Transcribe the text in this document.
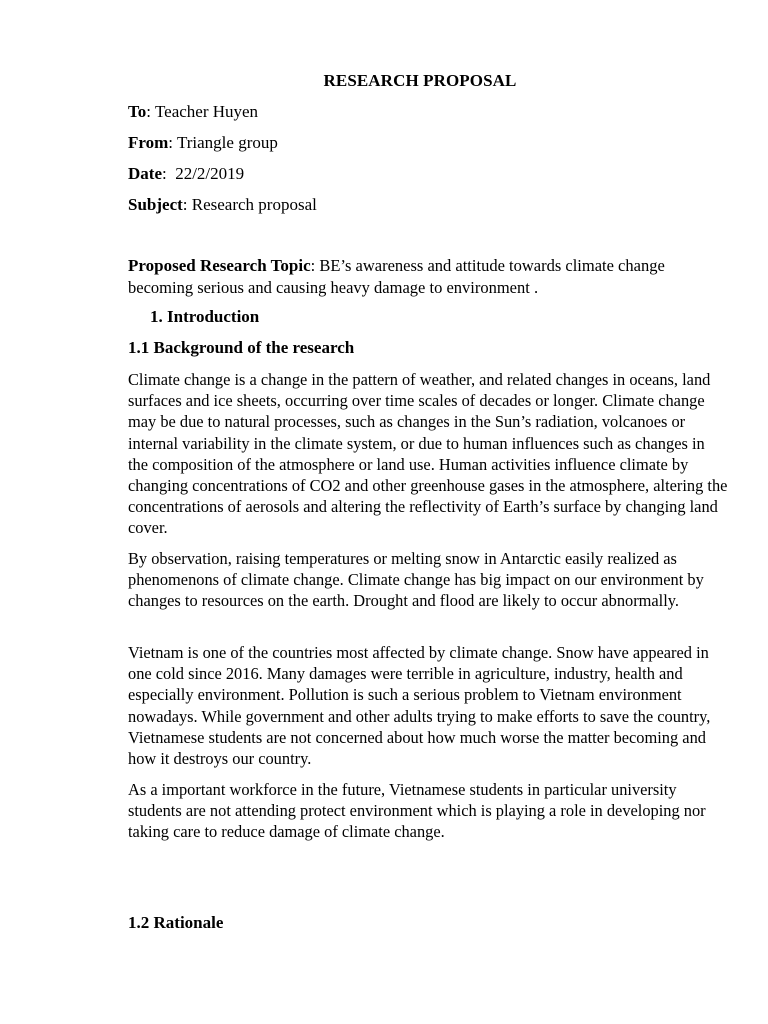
RESEARCH PROPOSAL
To: Teacher Huyen
From: Triangle group
Date:  22/2/2019
Subject: Research proposal
Proposed Research Topic: BE’s awareness and attitude towards climate change becoming serious and causing heavy damage to environment .
1. Introduction
1.1 Background of the research

Climate change is a change in the pattern of weather, and related changes in oceans, land surfaces and ice sheets, occurring over time scales of decades or longer. Climate change may be due to natural processes, such as changes in the Sun’s radiation, volcanoes or internal variability in the climate system, or due to human influences such as changes in the composition of the atmosphere or land use. Human activities influence climate by changing concentrations of CO2 and other greenhouse gases in the atmosphere, altering the concentrations of aerosols and altering the reflectivity of Earth’s surface by changing land cover.

By observation, raising temperatures or melting snow in Antarctic easily realized as phenomenons of climate change. Climate change has big impact on our environment by changes to resources on the earth. Drought and flood are likely to occur abnormally.

Vietnam is one of the countries most affected by climate change. Snow have appeared in one cold since 2016. Many damages were terrible in agriculture, industry, health and especially environment. Pollution is such a serious problem to Vietnam environment nowadays. While government and other adults trying to make efforts to save the country, Vietnamese students are not concerned about how much worse the matter becoming and how it destroys our country.

As a important workforce in the future, Vietnamese students in particular university students are not attending protect environment which is playing a role in developing nor taking care to reduce damage of climate change.

1.2 Rationale
